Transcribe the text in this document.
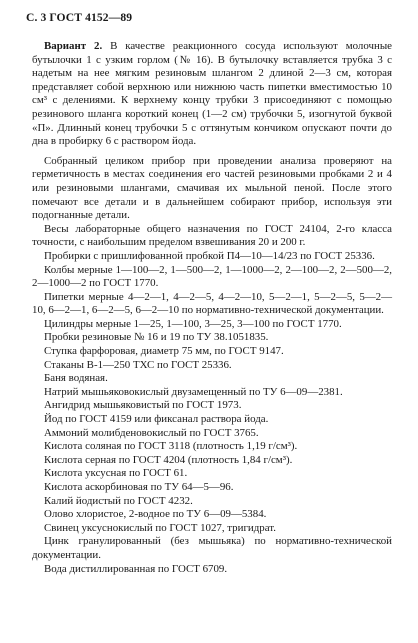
С. 3 ГОСТ 4152—89

Вариант 2. В качестве реакционного сосуда используют молочные бутылочки 1 с узким горлом (№ 16). В бутылочку вставляется трубка 3 с надетым на нее мягким резиновым шлангом 2 длиной 2—3 см, которая представляет собой верхнюю или нижнюю часть пипетки вместимостью 10 см³ с делениями. К верхнему концу трубки 3 присоединяют с помощью резинового шланга короткий конец (1—2 см) трубочки 5, изогнутой буквой «П». Длинный конец трубочки 5 с оттянутым кончиком опускают почти до дна в пробирку 6 с раствором йода.

Собранный целиком прибор при проведении анализа проверяют на герметичность в местах соединения его частей резиновыми пробками 2 и 4 или резиновыми шлангами, смачивая их мыльной пеной. После этого помечают все детали и в дальнейшем собирают прибор, используя эти подогнанные детали.

Весы лабораторные общего назначения по ГОСТ 24104, 2-го класса точности, с наибольшим пределом взвешивания 20 и 200 г.

Пробирки с пришлифованной пробкой П4—10—14/23 по ГОСТ 25336.

Колбы мерные 1—100—2, 1—500—2, 1—1000—2, 2—100—2, 2—500—2, 2—1000—2 по ГОСТ 1770.

Пипетки мерные 4—2—1, 4—2—5, 4—2—10, 5—2—1, 5—2—5, 5—2—10, 6—2—1, 6—2—5, 6—2—10 по нормативно-технической документации.

Цилиндры мерные 1—25, 1—100, 3—25, 3—100 по ГОСТ 1770.

Пробки резиновые № 16 и 19 по ТУ 38.1051835.

Ступка фарфоровая, диаметр 75 мм, по ГОСТ 9147.

Стаканы В-1—250 ТХС по ГОСТ 25336.

Баня водяная.

Натрий мышьяковокислый двузамещенный по ТУ 6—09—2381.

Ангидрид мышьяковистый по ГОСТ 1973.

Йод по ГОСТ 4159 или фиксанал раствора йода.

Аммоний молибденовокислый по ГОСТ 3765.

Кислота соляная по ГОСТ 3118 (плотность 1,19 г/см³).

Кислота серная по ГОСТ 4204 (плотность 1,84 г/см³).

Кислота уксусная по ГОСТ 61.

Кислота аскорбиновая по ТУ 64—5—96.

Калий йодистый по ГОСТ 4232.

Олово хлористое, 2-водное по ТУ 6—09—5384.

Свинец уксуснокислый по ГОСТ 1027, тригидрат.

Цинк гранулированный (без мышьяка) по нормативно-технической документации.

Вода дистиллированная по ГОСТ 6709.
